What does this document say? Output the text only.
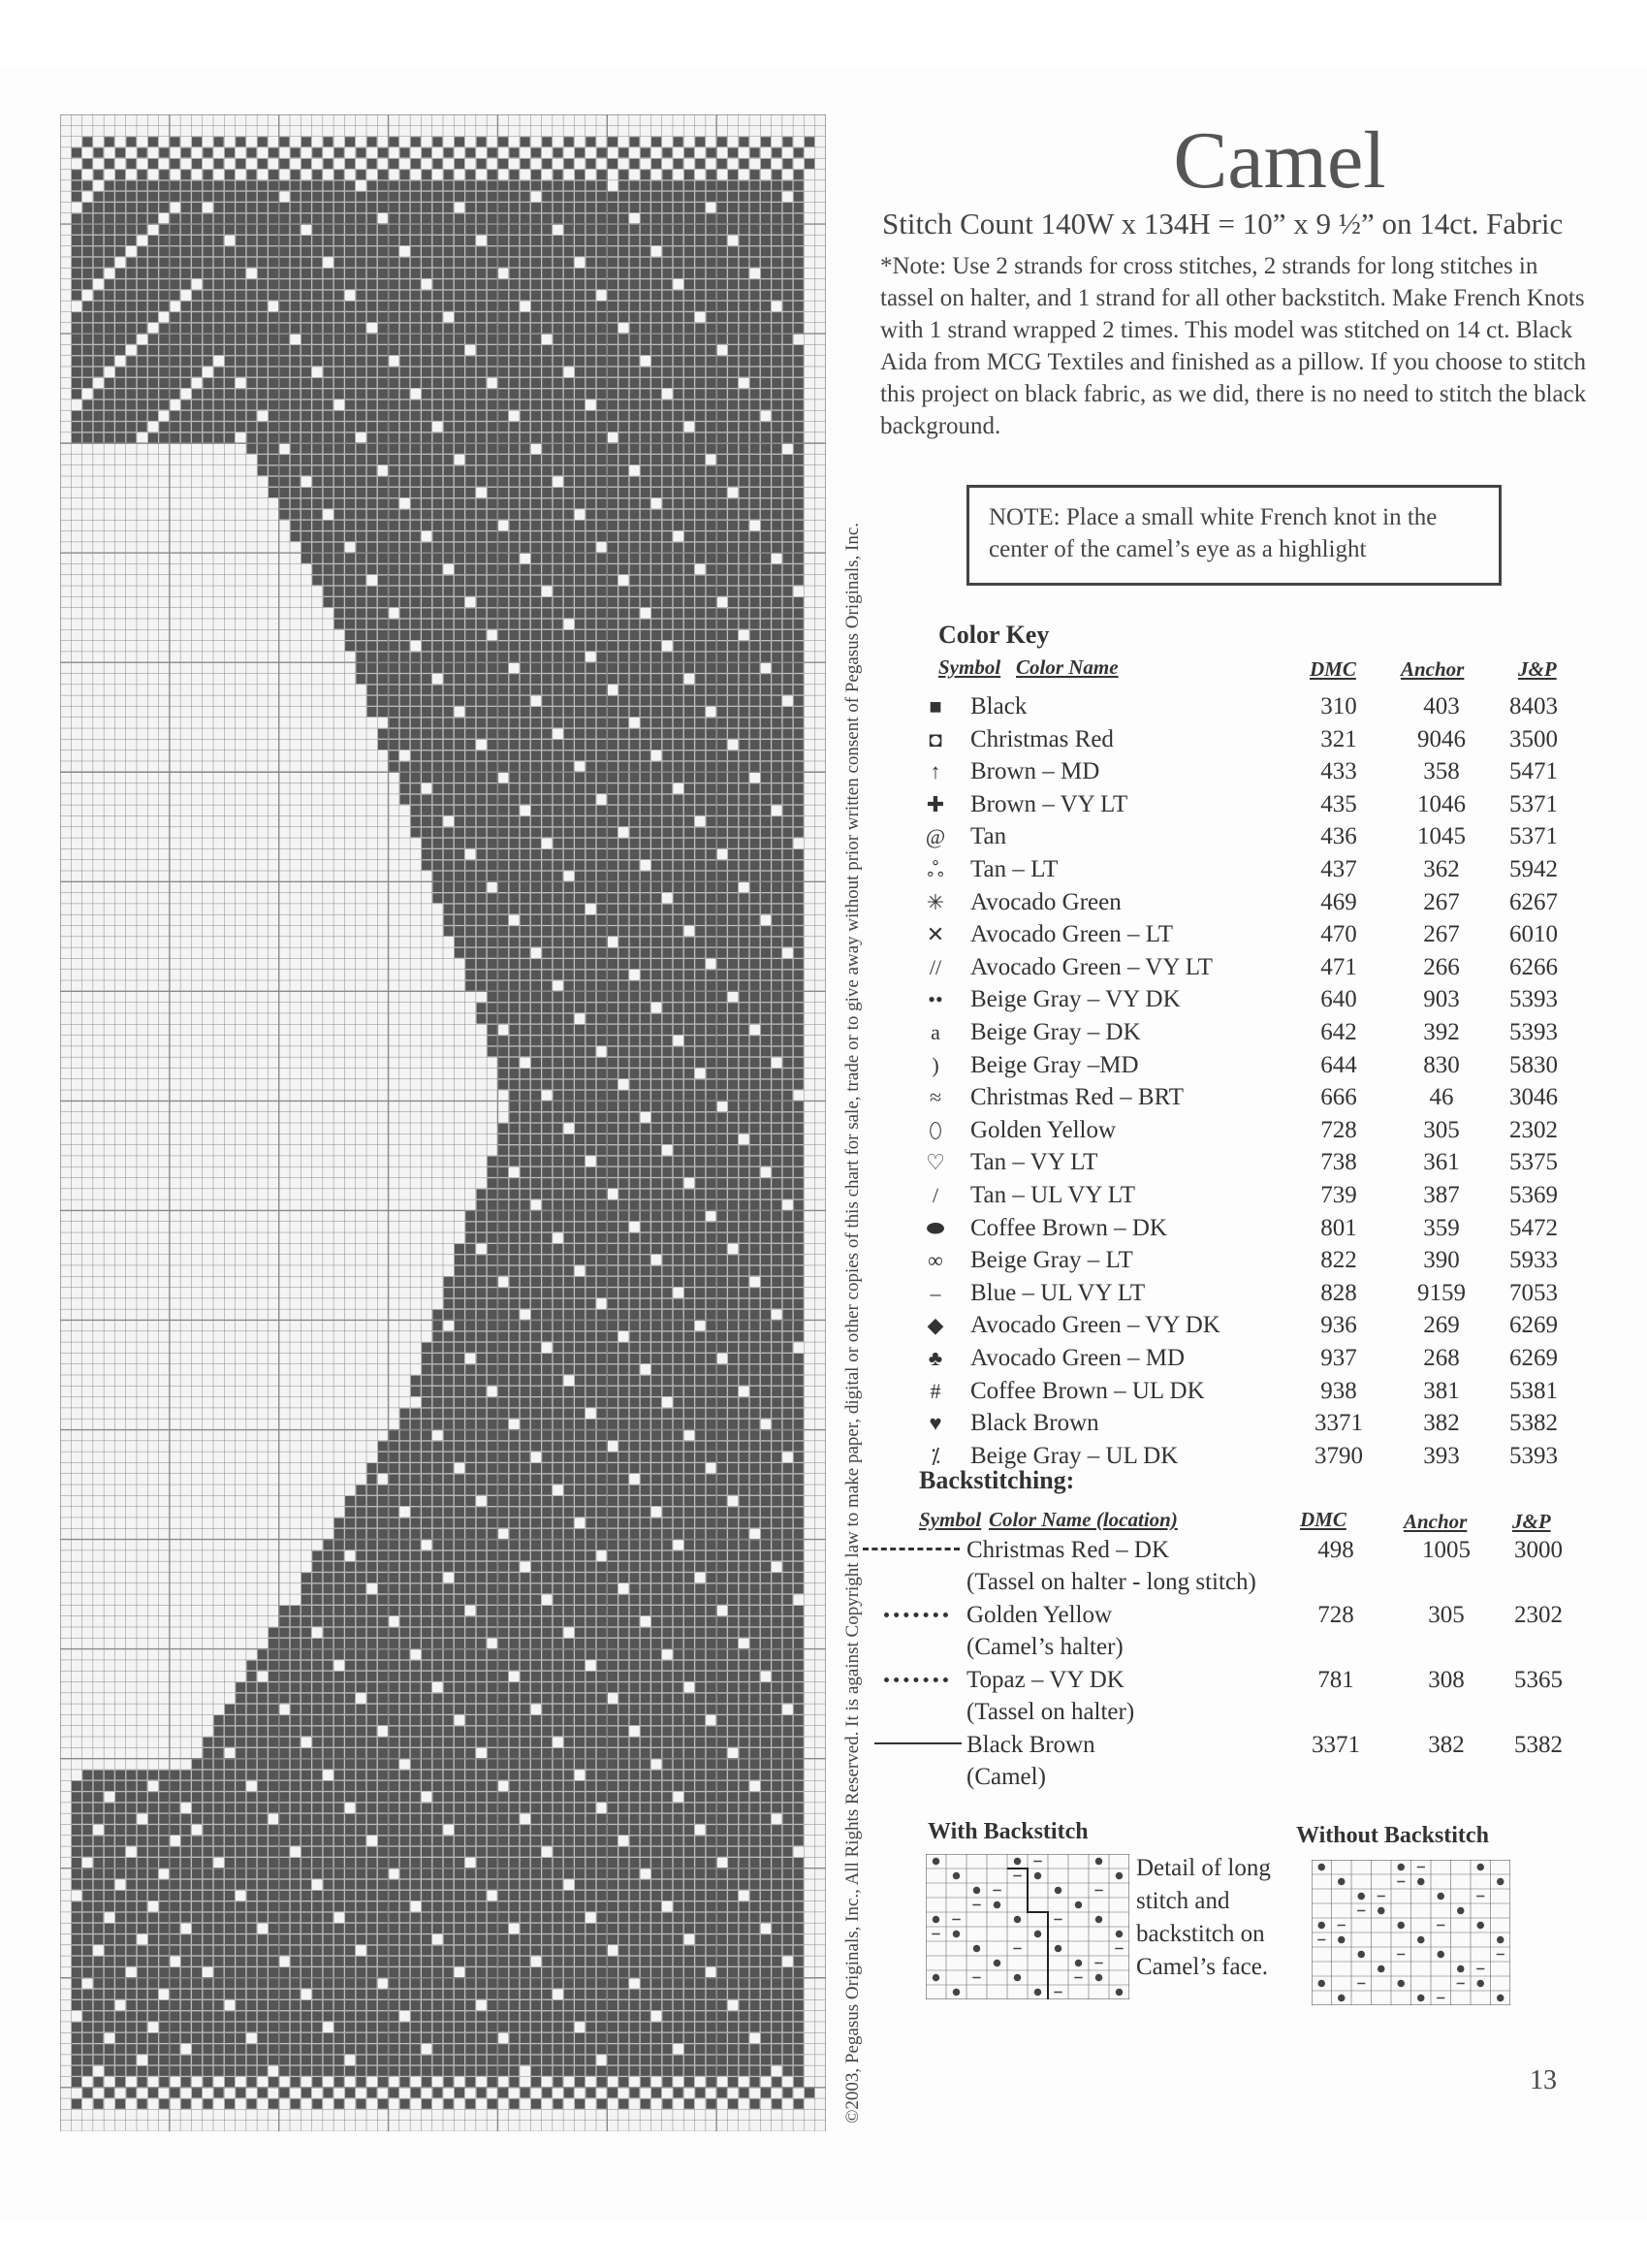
©2003, Pegasus Originals, Inc., All Rights Reserved. It is against Copyright law to make paper, digital or other copies of this chart for sale, trade or to give away without prior written consent of Pegasus Originals, Inc.
Camel
Stitch Count 140W x 134H = 10” x 9 ½” on 14ct. Fabric
*Note: Use 2 strands for cross stitches, 2 strands for long stitches in tassel on halter, and 1 strand for all other backstitch. Make French Knots with 1 strand wrapped 2 times. This model was stitched on 14 ct. Black Aida from MCG Textiles and finished as a pillow. If you choose to stitch this project on black fabric, as we did, there is no need to stitch the black background.
NOTE: Place a small white French knot in the center of the camel’s eye as a highlight
Color Key
Symbol Color Name	DMC Anchor	J&P
■	Black	310	403	8403
◘	Christmas Red	321	9046	3500
↑	Brown – MD	433	358	5471
✚	Brown – VY LT	435	1046	5371
@	Tan	436	1045	5371
ஃ	Tan – LT	437	362	5942
✳	Avocado Green	469	267	6267
✕	Avocado Green – LT	470	267	6010
//	Avocado Green – VY LT	471	266	6266
••	Beige Gray – VY DK	640	903	5393
a	Beige Gray – DK	642	392	5393
)	Beige Gray –MD	644	830	5830
≈	Christmas Red – BRT	666	46	3046
⬯	Golden Yellow	728	305	2302
♡	Tan – VY LT	738	361	5375
/	Tan – UL VY LT	739	387	5369
⬬	Coffee Brown – DK	801	359	5472
∞	Beige Gray – LT	822	390	5933
–	Blue – UL VY LT	828	9159	7053
◆	Avocado Green – VY DK	936	269	6269
♣	Avocado Green – MD	937	268	6269
#	Coffee Brown – UL DK	938	381	5381
♥	Black Brown	3371	382	5382
⁒	Beige Gray – UL DK	3790	393	5393
Backstitching:
Symbol Color Name (location)	DMC	Anchor J&P
Christmas Red – DK
(Tassel on halter - long stitch)
498	1005	3000
Golden Yellow
(Camel’s halter)
728	305	2302
Topaz – VY DK
(Tassel on halter)
781	308	5365
Black Brown
(Camel)
3371	382	5382
With Backstitch	Without Backstitch
Detail of long stitch and backstitch on Camel’s face.
13
